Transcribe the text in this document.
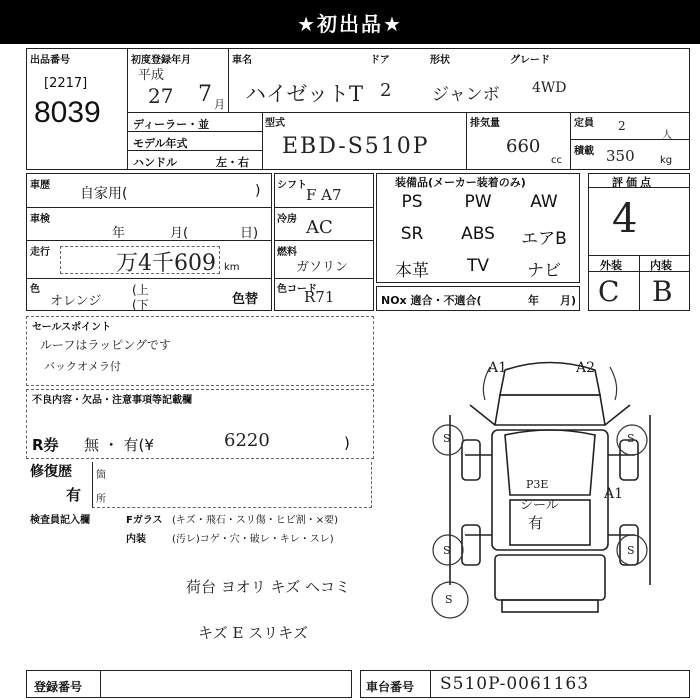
★初出品★
出品番号
[2217]
8039
初度登録年月
平成
27 7 月
車名
ハイゼットT
ドア
2
形状
ジャンボ
グレード
4WD
ディーラー・並
モデル年式
ハンドル	左・右
型式
EBD-S510P
排気量
660
cc
定員 2
人
積載 350	kg
車歴
自家用(	)
車検
年	月(	日)
走行	万4千609 km
色
オレンジ
(上
(下	色替
シフト
F A7
冷房 AC
燃料
ガソリン
色コード
R71
装備品(メーカー装着のみ)
PS	PW	AW
SR	ABS	エアB
本革	TV	ナビ
NOx 適合・不適合(	年 月)
評価点
4
外装	内装
C B
セールスポイント
ルーフはラッピングです
バックオメラ付
不良内容・欠品・注意事項等記載欄
R券 無 ・ 有(¥	6220	)
修復歴
有
箇
所
検査員記入欄	Fガラス (キズ・飛石・スリ傷・ヒビ割・×要)
内装	(汚レ)コゲ・穴・破レ・キレ・スレ)
荷台 ヨオリ キズ ヘコミ
キズ E スリキズ
A1	A2
S	S
A1
S	S
S
P3E
シール
有
登録番号	車台番号 S510P-0061163
